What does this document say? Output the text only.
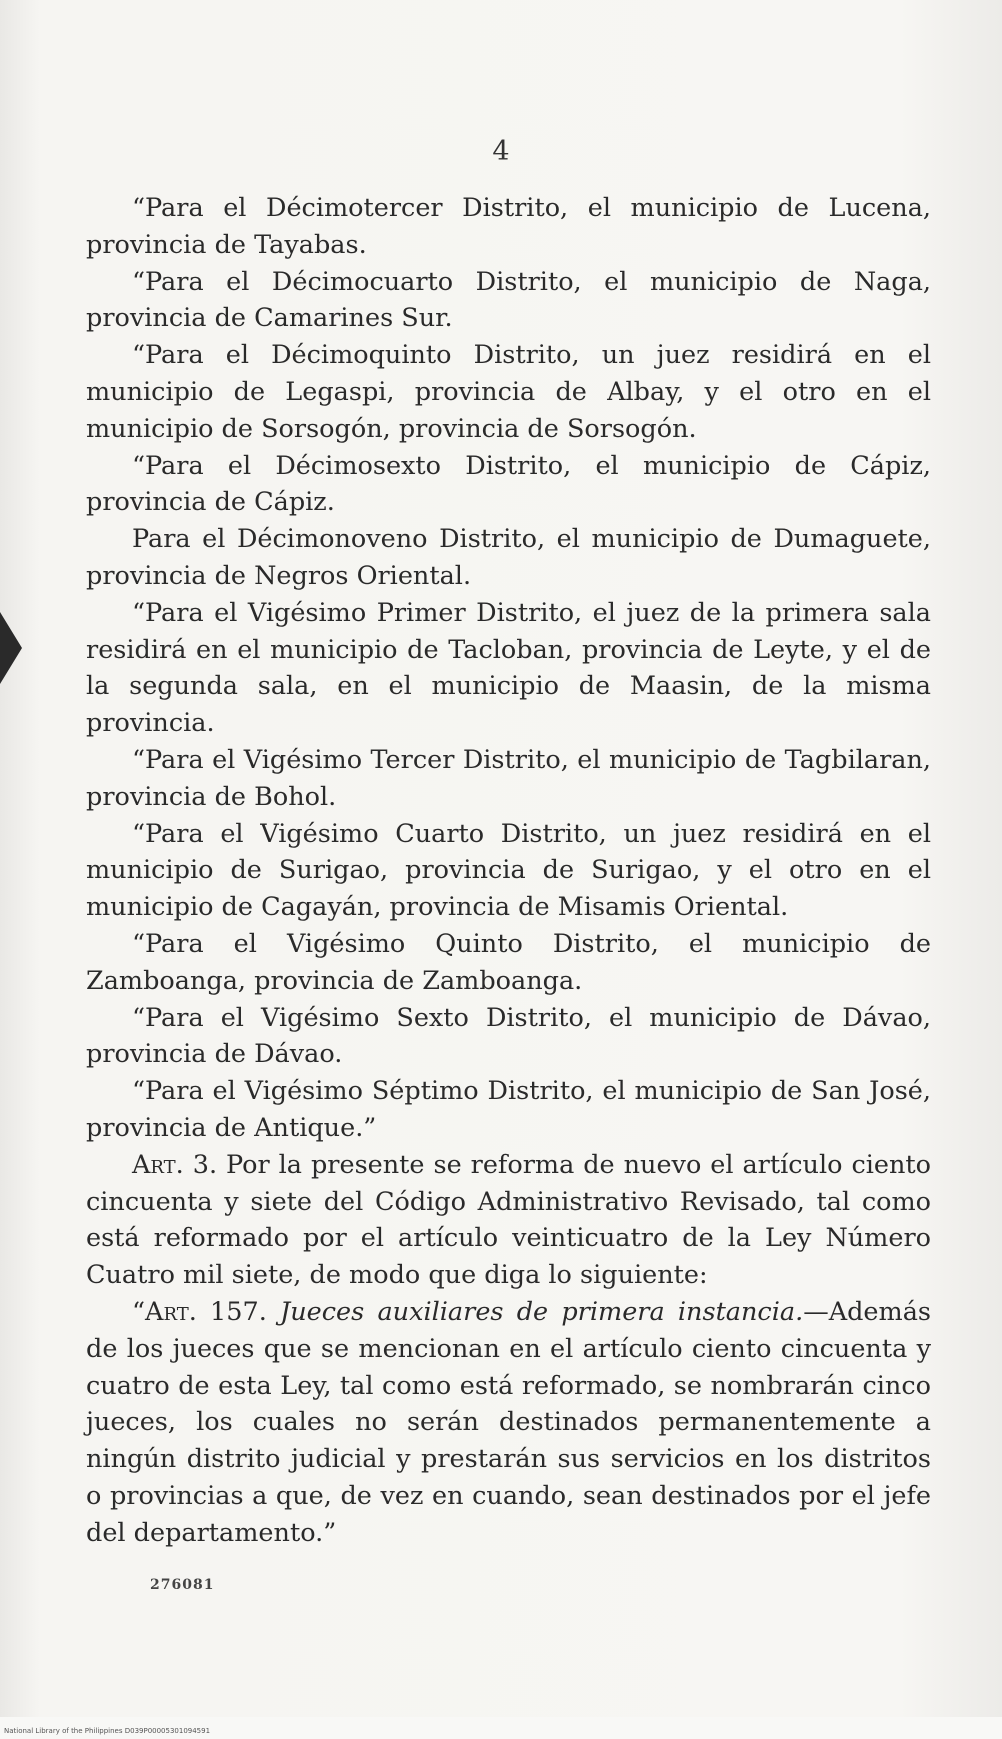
4

“Para el Décimotercer Distrito, el municipio de Lucena, provincia de Tayabas.

“Para el Décimocuarto Distrito, el municipio de Naga, provincia de Camarines Sur.

“Para el Décimoquinto Distrito, un juez residirá en el municipio de Legaspi, provincia de Albay, y el otro en el municipio de Sorsogón, provincia de Sorsogón.

“Para el Décimosexto Distrito, el municipio de Cápiz, provincia de Cápiz.

Para el Décimonoveno Distrito, el municipio de Dumaguete, provincia de Negros Oriental.

“Para el Vigésimo Primer Distrito, el juez de la primera sala residirá en el municipio de Tacloban, provincia de Leyte, y el de la segunda sala, en el municipio de Maasin, de la misma provincia.

“Para el Vigésimo Tercer Distrito, el municipio de Tagbilaran, provincia de Bohol.

“Para el Vigésimo Cuarto Distrito, un juez residirá en el municipio de Surigao, provincia de Surigao, y el otro en el municipio de Cagayán, provincia de Misamis Oriental.

“Para el Vigésimo Quinto Distrito, el municipio de Zamboanga, provincia de Zamboanga.

“Para el Vigésimo Sexto Distrito, el municipio de Dávao, provincia de Dávao.

“Para el Vigésimo Séptimo Distrito, el municipio de San José, provincia de Antique.”

Art. 3. Por la presente se reforma de nuevo el artículo ciento cincuenta y siete del Código Administrativo Revisado, tal como está reformado por el artículo veinticuatro de la Ley Número Cuatro mil siete, de modo que diga lo siguiente:

“Art. 157. Jueces auxiliares de primera instancia.—Además de los jueces que se mencionan en el artículo ciento cincuenta y cuatro de esta Ley, tal como está reformado, se nombrarán cinco jueces, los cuales no serán destinados permanentemente a ningún distrito judicial y prestarán sus servicios en los distritos o provincias a que, de vez en cuando, sean destinados por el jefe del departamento.”

276081
National Library of the Philippines D039P00005301094591
